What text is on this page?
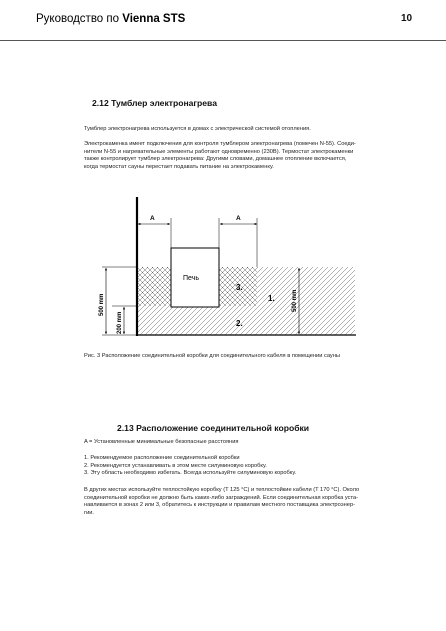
Руководство по Vienna STS	10
2.12 Тумблер электронагрева
Тумблер электронагрева используется в домах с электрической системой отопления.
Электрокаменка имеет подключения для контроля тумблером электронагрева (помечен N-55). Соеди-
нители N-55 и нагревательные элементы работают одновременно (230В). Термостат электрокаменки
также контролирует тумблер электронагрева: Другими словами, домашнее отопление включается,
когда термостат сауны перестает подавать питание на электрокаменку.
A	A
Печь
3.
1.
2.
500 mm
200 mm
500 mm
Рис. 3 Расположение соединительной коробки для соединительного кабеля в помещении сауны
2.13 Расположение соединительной коробки
A = Установленные минимальные безопасные расстояния
1. Рекомендуемое расположение соединительной коробки
2. Рекомендуется устанавливать в этом месте силуминовую коробку.
3. Эту область необходимо избегать. Всегда используйте силуминовую коробку.
В других местах используйте теплостойкую коробку (T 125 °C) и теплостойкие кабели (T 170 °C). Около
соединительной коробки не должно быть каких-либо заграждений. Если соединительная коробка уста-
навливается в зонах 2 или 3, обратитесь к инструкции и правилам местного поставщика электроэнер-
гии.
